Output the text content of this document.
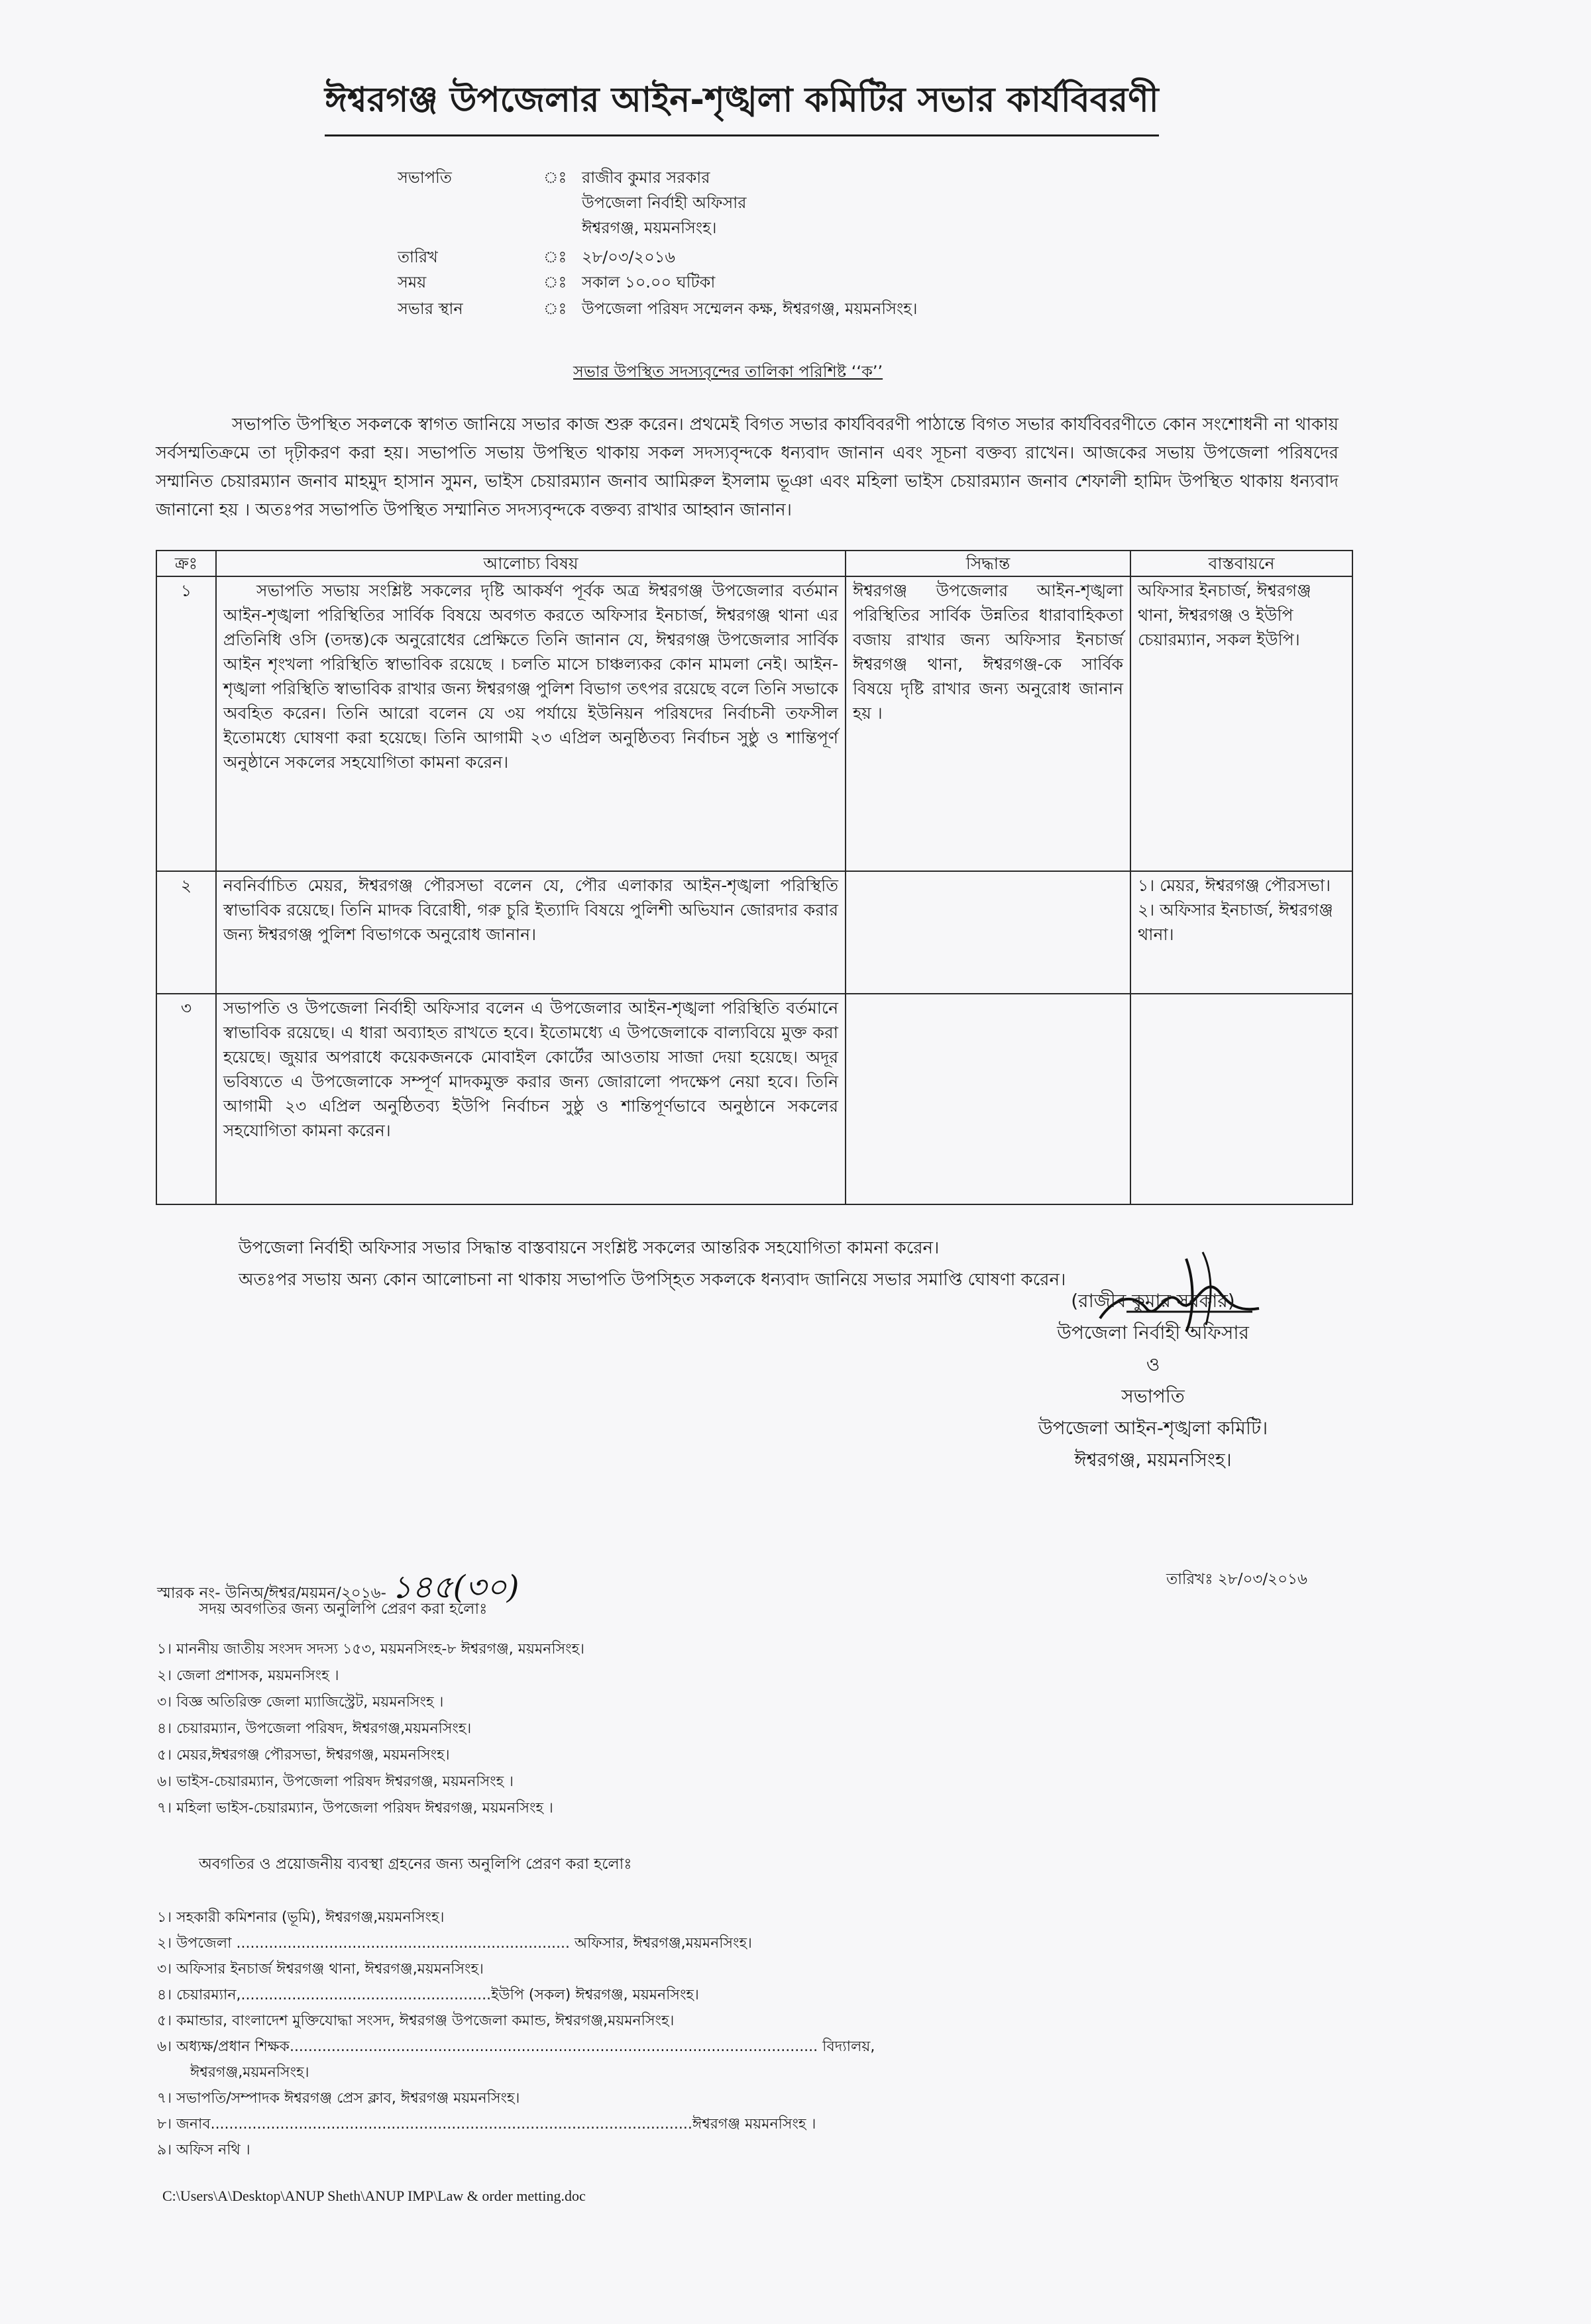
ঈশ্বরগঞ্জ উপজেলার আইন-শৃঙ্খলা কমিটির সভার কার্যবিবরণী
সভাপতি	ঃ রাজীব কুমার সরকার
উপজেলা নির্বাহী অফিসার
ঈশ্বরগঞ্জ, ময়মনসিংহ।
তারিখ	ঃ ২৮/০৩/২০১৬
সময়	ঃ সকাল ১০.০০ ঘটিকা
সভার স্থান	ঃ উপজেলা পরিষদ সম্মেলন কক্ষ, ঈশ্বরগঞ্জ, ময়মনসিংহ।
সভার উপস্থিত সদস্যবৃন্দের তালিকা পরিশিষ্ট ‘‘ক’’
সভাপতি উপস্থিত সকলকে স্বাগত জানিয়ে সভার কাজ শুরু করেন। প্রথমেই বিগত সভার কার্যবিবরণী পাঠান্তে বিগত সভার কার্যবিবরণীতে কোন সংশোধনী না থাকায় সর্বসম্মতিক্রমে তা দৃঢ়ীকরণ করা হয়। সভাপতি সভায় উপস্থিত থাকায় সকল সদস্যবৃন্দকে ধন্যবাদ জানান এবং সূচনা বক্তব্য রাখেন। আজকের সভায় উপজেলা পরিষদের সম্মানিত চেয়ারম্যান জনাব মাহমুদ হাসান সুমন, ভাইস চেয়ারম্যান জনাব আমিরুল ইসলাম ভূঞা এবং মহিলা ভাইস চেয়ারম্যান জনাব শেফালী হামিদ উপস্থিত থাকায় ধন্যবাদ জানানো হয় । অতঃপর সভাপতি উপস্থিত সম্মানিত সদস্যবৃন্দকে বক্তব্য রাখার আহ্বান জানান।
ক্রঃ	আলোচ্য বিষয়	সিদ্ধান্ত	বাস্তবায়নে
১	সভাপতি সভায় সংশ্লিষ্ট সকলের দৃষ্টি আকর্ষণ পূর্বক অত্র ঈশ্বরগঞ্জ উপজেলার বর্তমান আইন-শৃঙ্খলা পরিস্থিতির সার্বিক বিষয়ে অবগত করতে অফিসার ইনচার্জ, ঈশ্বরগঞ্জ থানা এর প্রতিনিধি ওসি (তদন্ত)কে অনুরোধের প্রেক্ষিতে তিনি জানান যে, ঈশ্বরগঞ্জ উপজেলার সার্বিক আইন শৃংখলা পরিস্থিতি স্বাভাবিক রয়েছে । চলতি মাসে চাঞ্চল্যকর কোন মামলা নেই। আইন-শৃঙ্খলা পরিস্থিতি স্বাভাবিক রাখার জন্য ঈশ্বরগঞ্জ পুলিশ বিভাগ তৎপর রয়েছে বলে তিনি সভাকে অবহিত করেন। তিনি আরো বলেন যে ৩য় পর্যায়ে ইউনিয়ন পরিষদের নির্বাচনী তফসীল ইতোমধ্যে ঘোষণা করা হয়েছে। তিনি আগামী ২৩ এপ্রিল অনুষ্ঠিতব্য নির্বাচন সুষ্ঠু ও শান্তিপূর্ণ অনুষ্ঠানে সকলের সহযোগিতা কামনা করেন।	ঈশ্বরগঞ্জ উপজেলার আইন-শৃঙ্খলা পরিস্থিতির সার্বিক উন্নতির ধারাবাহিকতা বজায় রাখার জন্য অফিসার ইনচার্জ ঈশ্বরগঞ্জ থানা, ঈশ্বরগঞ্জ-কে সার্বিক বিষয়ে দৃষ্টি রাখার জন্য অনুরোধ জানান হয় ।	অফিসার ইনচার্জ, ঈশ্বরগঞ্জ থানা, ঈশ্বরগঞ্জ ও ইউপি চেয়ারম্যান, সকল ইউপি।
২	নবনির্বাচিত মেয়র, ঈশ্বরগঞ্জ পৌরসভা বলেন যে, পৌর এলাকার আইন-শৃঙ্খলা পরিস্থিতি স্বাভাবিক রয়েছে। তিনি মাদক বিরোধী, গরু চুরি ইত্যাদি বিষয়ে পুলিশী অভিযান জোরদার করার জন্য ঈশ্বরগঞ্জ পুলিশ বিভাগকে অনুরোধ জানান।		১। মেয়র, ঈশ্বরগঞ্জ পৌরসভা। ২। অফিসার ইনচার্জ, ঈশ্বরগঞ্জ থানা।
৩	সভাপতি ও উপজেলা নির্বাহী অফিসার বলেন এ উপজেলার আইন-শৃঙ্খলা পরিস্থিতি বর্তমানে স্বাভাবিক রয়েছে। এ ধারা অব্যাহত রাখতে হবে। ইতোমধ্যে এ উপজেলাকে বাল্যবিয়ে মুক্ত করা হয়েছে। জুয়ার অপরাধে কয়েকজনকে মোবাইল কোর্টের আওতায় সাজা দেয়া হয়েছে। অদূর ভবিষ্যতে এ উপজেলাকে সম্পূর্ণ মাদকমুক্ত করার জন্য জোরালো পদক্ষেপ নেয়া হবে। তিনি আগামী ২৩ এপ্রিল অনুষ্ঠিতব্য ইউপি নির্বাচন সুষ্ঠু ও শান্তিপূর্ণভাবে অনুষ্ঠানে সকলের সহযোগিতা কামনা করেন।		
উপজেলা নির্বাহী অফিসার সভার সিদ্ধান্ত বাস্তবায়নে সংশ্লিষ্ট সকলের আন্তরিক সহযোগিতা কামনা করেন।
অতঃপর সভায় অন্য কোন আলোচনা না থাকায় সভাপতি উপস্হিত সকলকে ধন্যবাদ জানিয়ে সভার সমাপ্তি ঘোষণা করেন।
(রাজীব কুমার সরকার)
উপজেলা নির্বাহী অফিসার
ও
সভাপতি
উপজেলা আইন-শৃঙ্খলা কমিটি।
ঈশ্বরগঞ্জ, ময়মনসিংহ।
স্মারক নং- উনিঅ/ঈশ্বর/ময়মন/২০১৬- ১৪৫(৩০)	তারিখঃ ২৮/০৩/২০১৬
সদয় অবগতির জন্য অনুলিপি প্রেরণ করা হলোঃ
১। মাননীয় জাতীয় সংসদ সদস্য ১৫৩, ময়মনসিংহ-৮ ঈশ্বরগঞ্জ, ময়মনসিংহ।
২। জেলা প্রশাসক, ময়মনসিংহ ।
৩। বিজ্ঞ অতিরিক্ত জেলা ম্যাজিস্ট্রেট, ময়মনসিংহ ।
৪। চেয়ারম্যান, উপজেলা পরিষদ, ঈশ্বরগঞ্জ,ময়মনসিংহ।
৫। মেয়র,ঈশ্বরগঞ্জ পৌরসভা, ঈশ্বরগঞ্জ, ময়মনসিংহ।
৬। ভাইস-চেয়ারম্যান, উপজেলা পরিষদ ঈশ্বরগঞ্জ, ময়মনসিংহ ।
৭। মহিলা ভাইস-চেয়ারম্যান, উপজেলা পরিষদ ঈশ্বরগঞ্জ, ময়মনসিংহ ।
অবগতির ও প্রয়োজনীয় ব্যবস্থা গ্রহনের জন্য অনুলিপি প্রেরণ করা হলোঃ
১। সহকারী কমিশনার (ভূমি), ঈশ্বরগঞ্জ,ময়মনসিংহ।
২। উপজেলা ........................................................................ অফিসার, ঈশ্বরগঞ্জ,ময়মনসিংহ।
৩। অফিসার ইনচার্জ ঈশ্বরগঞ্জ থানা, ঈশ্বরগঞ্জ,ময়মনসিংহ।
৪। চেয়ারম্যান,......................................................ইউপি (সকল) ঈশ্বরগঞ্জ, ময়মনসিংহ।
৫। কমান্ডার, বাংলাদেশ মুক্তিযোদ্ধা সংসদ, ঈশ্বরগঞ্জ উপজেলা কমান্ড, ঈশ্বরগঞ্জ,ময়মনসিংহ।
৬। অধ্যক্ষ/প্রধান শিক্ষক.................................................................................................................. বিদ্যালয়,
ঈশ্বরগঞ্জ,ময়মনসিংহ।
৭। সভাপতি/সম্পাদক ঈশ্বরগঞ্জ প্রেস ক্লাব, ঈশ্বরগঞ্জ ময়মনসিংহ।
৮। জনাব........................................................................................................ঈশ্বরগঞ্জ ময়মনসিংহ ।
৯। অফিস নথি ।
C:\Users\A\Desktop\ANUP Sheth\ANUP IMP\Law & order metting.doc
